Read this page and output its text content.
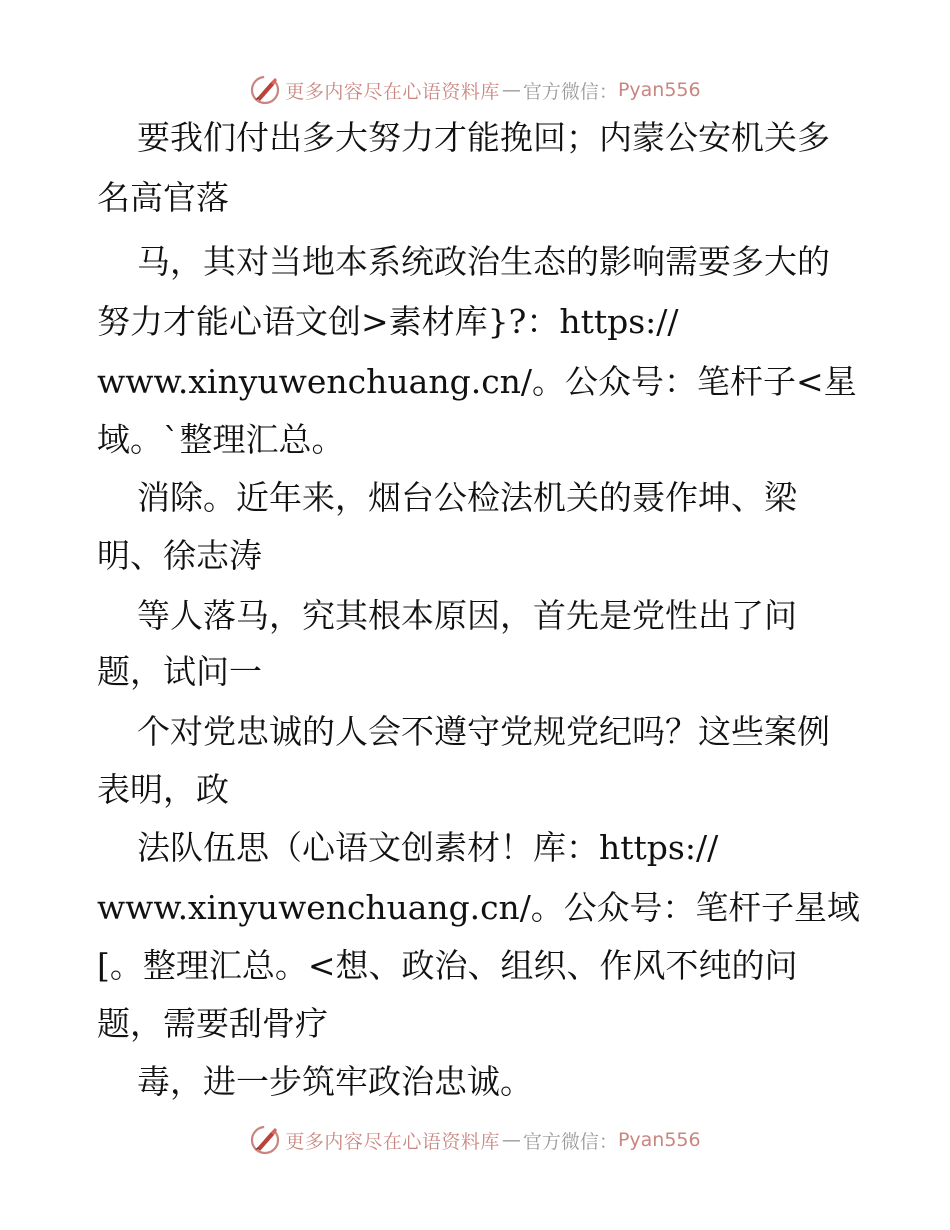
更多内容尽在心语资料库 — 官方微信： Pyan556
要我们付出多大努力才能挽回；内蒙公安机关多
名高官落
马，其对当地本系统政治生态的影响需要多大的
努力才能心语文创>素材库}?：https://
www.xinyuwenchuang.cn/。公众号：笔杆子<星
域。`整理汇总。
消除。近年来，烟台公检法机关的聂作坤、梁
明、徐志涛
等人落马，究其根本原因，首先是党性出了问
题，试问一
个对党忠诚的人会不遵守党规党纪吗？这些案例
表明，政
法队伍思（心语文创素材！库：https://
www.xinyuwenchuang.cn/。公众号：笔杆子星域
[。整理汇总。<想、政治、组织、作风不纯的问
题，需要刮骨疗
毒，进一步筑牢政治忠诚。
更多内容尽在心语资料库 — 官方微信： Pyan556
